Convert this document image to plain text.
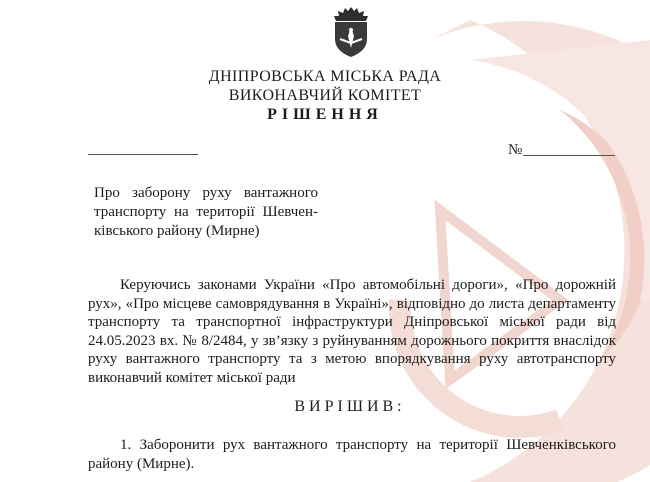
ДНІПРОВСЬКА МІСЬКА РАДА
ВИКОНАВЧИЙ КОМІТЕТ
РІШЕННЯ
№
Про заборону руху вантажного транспорту на території Шевчен-ківського району (Мирне)
Керуючись законами України «Про автомобільні дороги», «Про дорожній рух», «Про місцеве самоврядування в Україні», відповідно до листа департаменту транспорту та транспортної інфраструктури Дніпровської міської ради від 24.05.2023 вх. № 8/2484, у зв’язку з руйнуванням дорожнього покриття внаслідок руху вантажного транспорту та з метою впорядкування руху автотранспорту виконавчий комітет міської ради
ВИРІШИВ:
1. Заборонити рух вантажного транспорту на території Шевченківського району (Мирне).
